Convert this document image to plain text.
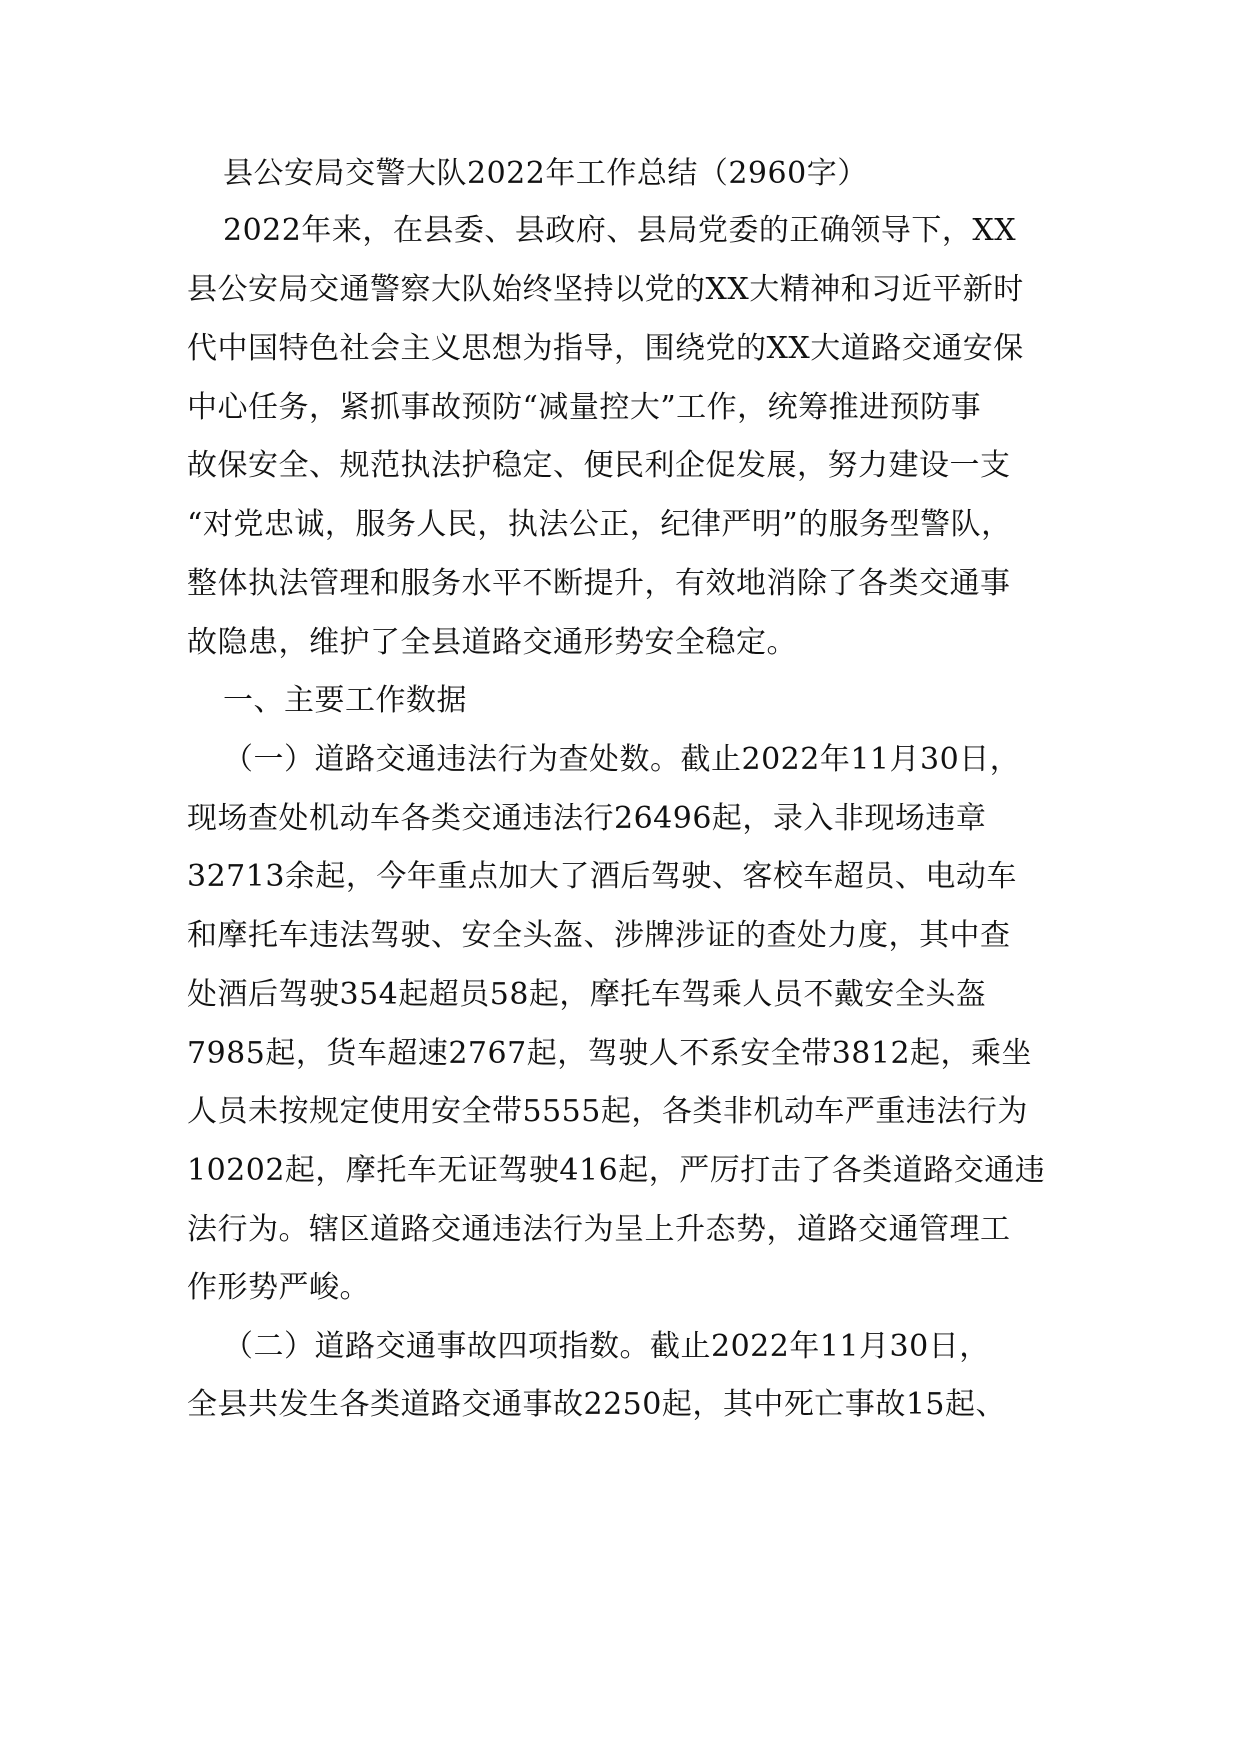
县公安局交警大队2022年工作总结（2960字）
2022年来，在县委、县政府、县局党委的正确领导下，XX
县公安局交通警察大队始终坚持以党的XX大精神和习近平新时
代中国特色社会主义思想为指导，围绕党的XX大道路交通安保
中心任务，紧抓事故预防“减量控大”工作，统筹推进预防事
故保安全、规范执法护稳定、便民利企促发展，努力建设一支
“对党忠诚，服务人民，执法公正，纪律严明”的服务型警队，
整体执法管理和服务水平不断提升，有效地消除了各类交通事
故隐患，维护了全县道路交通形势安全稳定。
一、主要工作数据
（一）道路交通违法行为查处数。截止2022年11月30日，
现场查处机动车各类交通违法行26496起，录入非现场违章
32713余起，今年重点加大了酒后驾驶、客校车超员、电动车
和摩托车违法驾驶、安全头盔、涉牌涉证的查处力度，其中查
处酒后驾驶354起超员58起，摩托车驾乘人员不戴安全头盔
7985起，货车超速2767起，驾驶人不系安全带3812起，乘坐
人员未按规定使用安全带5555起，各类非机动车严重违法行为
10202起，摩托车无证驾驶416起，严厉打击了各类道路交通违
法行为。辖区道路交通违法行为呈上升态势，道路交通管理工
作形势严峻。
（二）道路交通事故四项指数。截止2022年11月30日，
全县共发生各类道路交通事故2250起，其中死亡事故15起、
